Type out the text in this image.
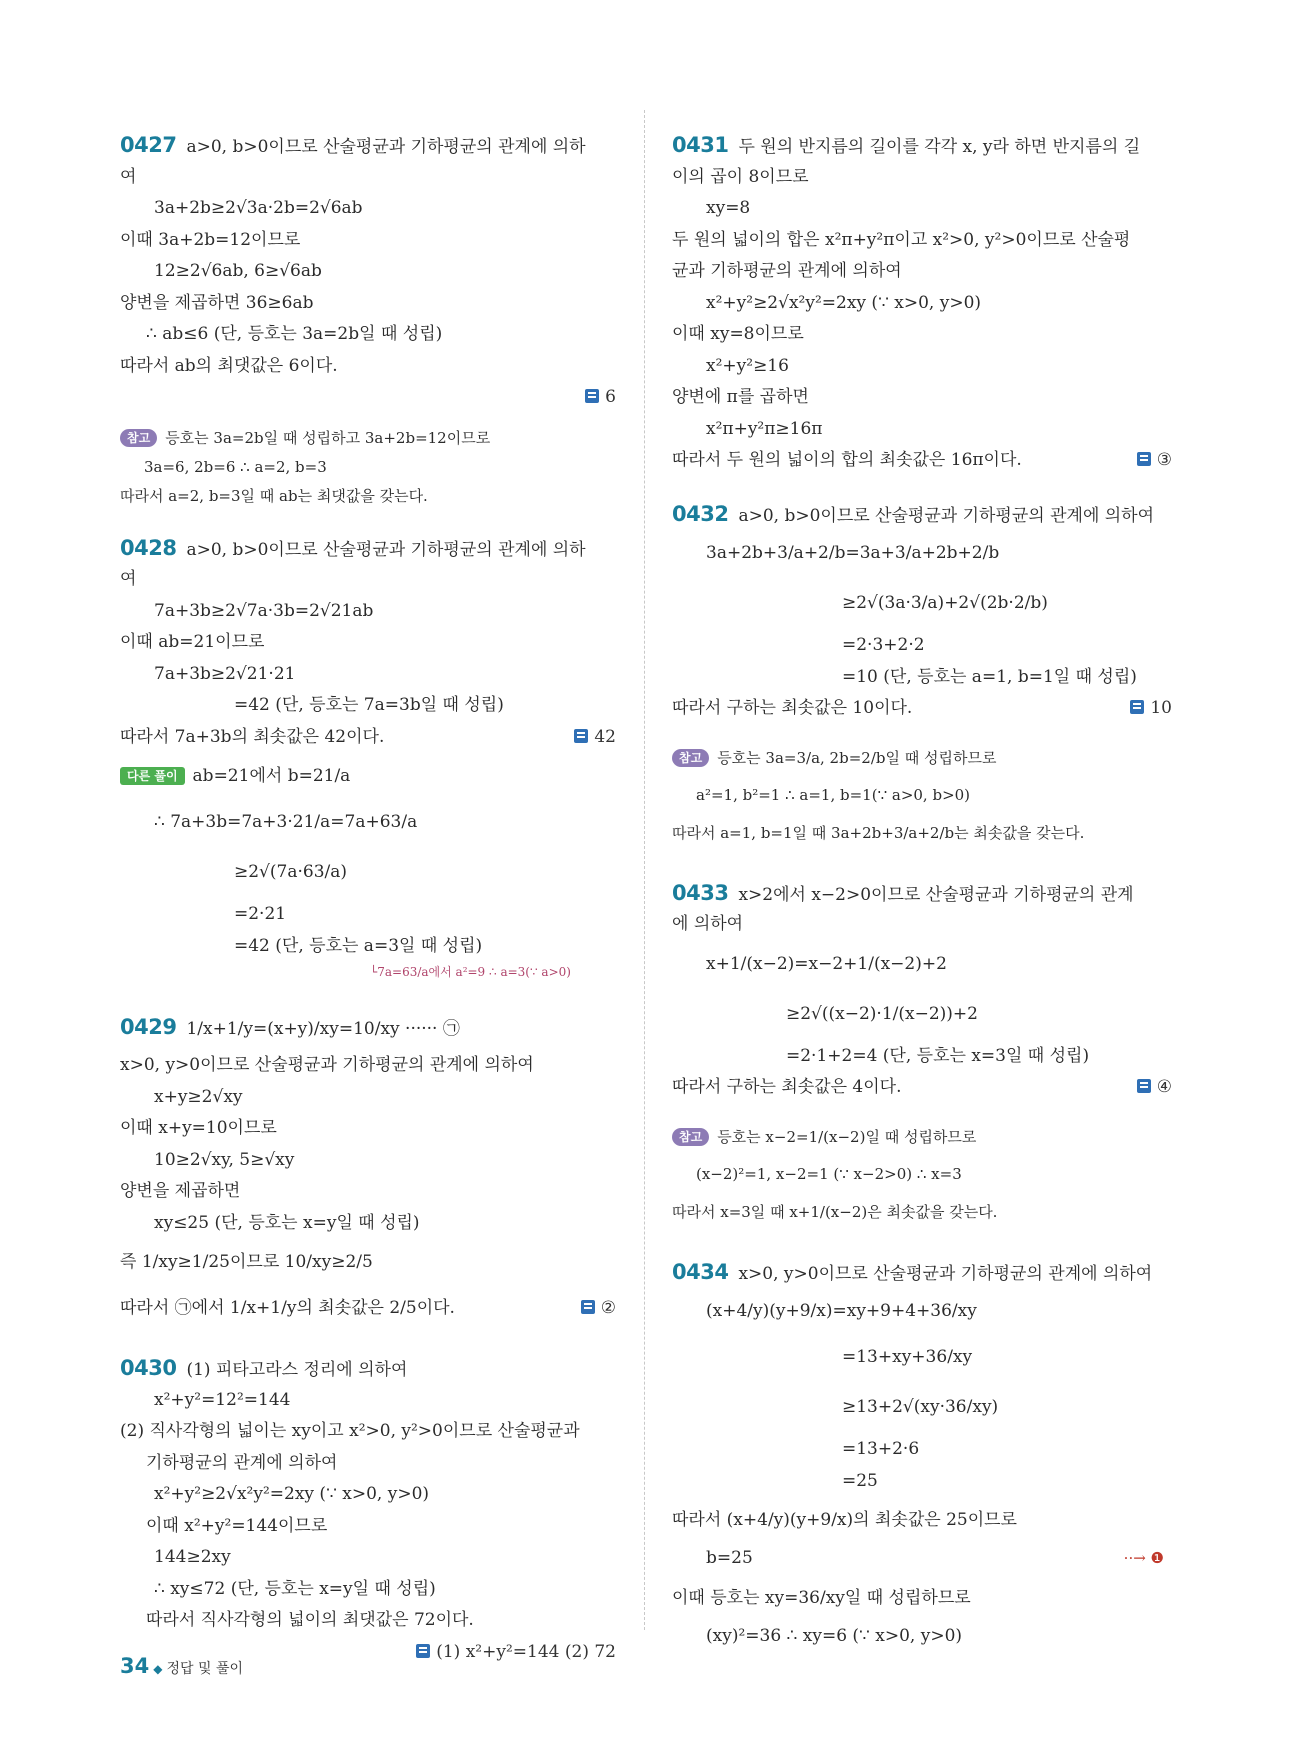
0427 a>0, b>0이므로 산술평균과 기하평균의 관계에 의하
여
3a+2b≥2√3a·2b=2√6ab
이때 3a+2b=12이므로
12≥2√6ab, 6≥√6ab
양변을 제곱하면 36≥6ab
∴ ab≤6 (단, 등호는 3a=2b일 때 성립)
따라서 ab의 최댓값은 6이다.
6
참고 등호는 3a=2b일 때 성립하고 3a+2b=12이므로
3a=6, 2b=6 ∴ a=2, b=3
따라서 a=2, b=3일 때 ab는 최댓값을 갖는다.
0428 a>0, b>0이므로 산술평균과 기하평균의 관계에 의하
여
7a+3b≥2√7a·3b=2√21ab
이때 ab=21이므로
7a+3b≥2√21·21
=42 (단, 등호는 7a=3b일 때 성립)
따라서 7a+3b의 최솟값은 42이다.	42
다른 풀이 ab=21에서 b=21/a
∴ 7a+3b=7a+3·21/a=7a+63/a
≥2√(7a·63/a)
=2·21
=42 (단, 등호는 a=3일 때 성립)
└7a=63/a에서 a²=9 ∴ a=3(∵ a>0)
0429 1/x+1/y=(x+y)/xy=10/xy ······ ㉠
x>0, y>0이므로 산술평균과 기하평균의 관계에 의하여
x+y≥2√xy
이때 x+y=10이므로
10≥2√xy, 5≥√xy
양변을 제곱하면
xy≤25 (단, 등호는 x=y일 때 성립)
즉 1/xy≥1/25이므로 10/xy≥2/5
따라서 ㉠에서 1/x+1/y의 최솟값은 2/5이다.	②
0430 (1) 피타고라스 정리에 의하여
x²+y²=12²=144
(2) 직사각형의 넓이는 xy이고 x²>0, y²>0이므로 산술평균과
기하평균의 관계에 의하여
x²+y²≥2√x²y²=2xy (∵ x>0, y>0)
이때 x²+y²=144이므로
144≥2xy
∴ xy≤72 (단, 등호는 x=y일 때 성립)
따라서 직사각형의 넓이의 최댓값은 72이다.
(1) x²+y²=144 (2) 72
0431 두 원의 반지름의 길이를 각각 x, y라 하면 반지름의 길
이의 곱이 8이므로
xy=8
두 원의 넓이의 합은 x²π+y²π이고 x²>0, y²>0이므로 산술평
균과 기하평균의 관계에 의하여
x²+y²≥2√x²y²=2xy (∵ x>0, y>0)
이때 xy=8이므로
x²+y²≥16
양변에 π를 곱하면
x²π+y²π≥16π
따라서 두 원의 넓이의 합의 최솟값은 16π이다.	③
0432 a>0, b>0이므로 산술평균과 기하평균의 관계에 의하여
3a+2b+3/a+2/b=3a+3/a+2b+2/b
≥2√(3a·3/a)+2√(2b·2/b)
=2·3+2·2
=10 (단, 등호는 a=1, b=1일 때 성립)
따라서 구하는 최솟값은 10이다.	10
참고 등호는 3a=3/a, 2b=2/b일 때 성립하므로
a²=1, b²=1 ∴ a=1, b=1(∵ a>0, b>0)
따라서 a=1, b=1일 때 3a+2b+3/a+2/b는 최솟값을 갖는다.
0433 x>2에서 x−2>0이므로 산술평균과 기하평균의 관계
에 의하여
x+1/(x−2)=x−2+1/(x−2)+2
≥2√((x−2)·1/(x−2))+2
=2·1+2=4 (단, 등호는 x=3일 때 성립)
따라서 구하는 최솟값은 4이다.	④
참고 등호는 x−2=1/(x−2)일 때 성립하므로
(x−2)²=1, x−2=1 (∵ x−2>0) ∴ x=3
따라서 x=3일 때 x+1/(x−2)은 최솟값을 갖는다.
0434 x>0, y>0이므로 산술평균과 기하평균의 관계에 의하여
(x+4/y)(y+9/x)=xy+9+4+36/xy
=13+xy+36/xy
≥13+2√(xy·36/xy)
=13+2·6
=25
따라서 (x+4/y)(y+9/x)의 최솟값은 25이므로
b=25	··→ ❶
이때 등호는 xy=36/xy일 때 성립하므로
(xy)²=36 ∴ xy=6 (∵ x>0, y>0)
34 ◆ 정답 및 풀이
